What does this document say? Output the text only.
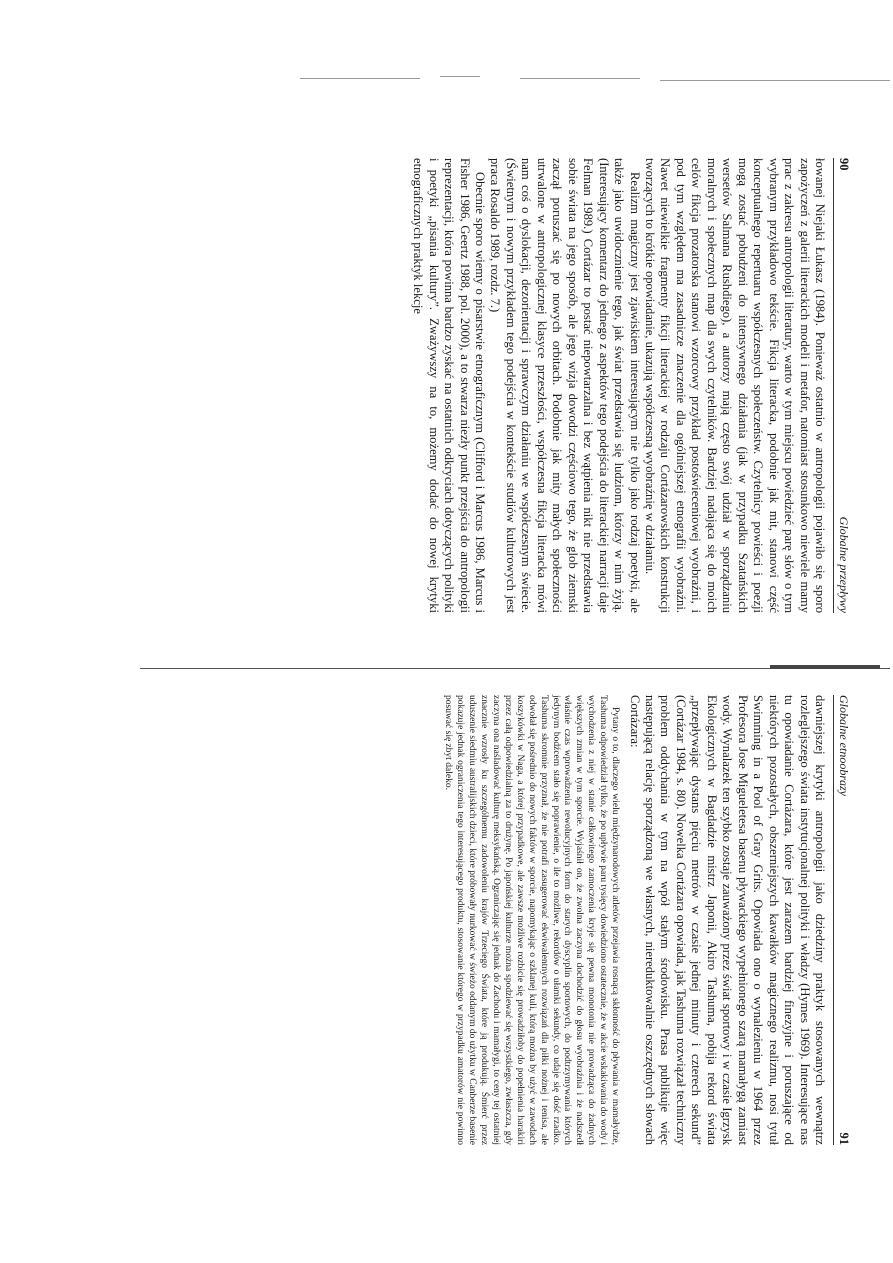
90
Globalne przepływy

łowanej Niejaki Łukasz (1984). Ponieważ ostatnio w antropologii pojawiło się sporo zapożyczeń z galerii literackich modeli i metafor, natomiast stosunkowo niewiele mamy prac z zakresu antropologii literatury, warto w tym miejscu powiedzieć parę słów o tym wybranym przykładowo tekście. Fikcja literacka, podobnie jak mit, stanowi część konceptualnego repertuaru współczesnych społeczeństw. Czytelnicy powieści i poezji mogą zostać pobudzeni do intensywnego działania (jak w przypadku Szatańskich wersetów Salmana Rushdiego), a autorzy mają często swój udział w sporządzaniu moralnych i społecznych map dla swych czytelników. Bardziej nadająca się do moich celów fikcja prozatorska stanowi wzorcowy przykład postoświeceniowej wyobraźni, i pod tym względem ma zasadnicze znaczenie dla ogólniejszej etnografii wyobraźni. Nawet niewielkie fragmenty fikcji literackiej w rodzaju Cortázarowskich konstrukcji tworzących to krótkie opowiadanie, ukazują współczesną wyobraźnię w działaniu.

Realizm magiczny jest zjawiskiem interesującym nie tylko jako rodzaj poetyki, ale także jako uwidocznienie tego, jak świat przedstawia się ludziom, którzy w nim żyją. (Interesujący komentarz do jednego z aspektów tego podejścia do literackiej narracji daje Felman 1989.) Cortázar to postać niepowtarzalna i bez wątpienia nikt nie przedstawia sobie świata na jego sposób, ale jego wizja dowodzi częściowo tego, że glob ziemski zaczął poruszać się po nowych orbitach. Podobnie jak mity małych społeczności utrwalone w antropologicznej klasyce przeszłości, współczesna fikcja literacka mówi nam coś o dyslokacji, dezorientacji i sprawczym działaniu we współczesnym świecie. (Świetnym i nowym przykładem tego podejścia w kontekście studiów kulturowych jest praca Rosaldo 1989, rozdz. 7.)

Obecnie sporo wiemy o pisarstwie etnograficznym (Clifford i Marcus 1986, Marcus i Fisher 1986, Geertz 1988, pol. 2000), a to stwarza niezły punkt przejścia do antropologii reprezentacji, która powinna bardzo zyskać na ostatnich odkryciach dotyczących polityki i poetyki „pisania kultury”. Zważywszy na to, możemy dodać do nowej krytyki etnograficznych praktyk lekcje

Globalne etnoobrazy
91

dawniejszej krytyki antropologii jako dziedziny praktyk stosowanych wewnątrz rozleglejszego świata instytucjonalnej polityki i władzy (Hymes 1969). Interesujące nas tu opowiadanie Cortázara, które jest zarazem bardziej finezyjne i poruszające od niektórych pozostałych, obszerniejszych kawałków magicznego realizmu, nosi tytuł Swimming in a Pool of Gray Grits. Opowiada ono o wynalezieniu w 1964 przez Profesora Jose Migueletesa basenu pływackiego wypełnionego szarą mamałygą zamiast wody. Wynalazek ten szybko zostaje zauważony przez świat sportowy i w czasie Igrzysk Ekologicznych w Bagdadzie mistrz Japonii, Akiro Tashuma, pobija rekord świata „przepływając dystans pięciu metrów w czasie jednej minuty i czterech sekund” (Cortázar 1984, s. 80). Nowelka Cortázara opowiada, jak Tashuma rozwiązał techniczny problem oddychania w tym na wpół stałym środowisku. Prasa publikuje więc następującą relację sporządzoną we własnych, niereduktowalnie oszczędnych słowach Cortázara:

Pytany o to, dlaczego wielu międzynarodowych atletów przejawia rosnącą skłonność do pływania w mamałydze, Tashuma odpowiedział tylko, że po upływie paru tysięcy dowiedziono ostatecznie, że w akcie wskakiwania do wody i wychodzenia z niej w stanie całkowitego zamoczenia kryje się pewna monotonia nie prowadząca do żadnych większych zmian w tym sporcie. Wyjaśnił on, że zwolna zaczyna dochodzić do głosu wyobraźnia i że nadszedł właśnie czas wprowadzenia rewolucyjnych form do starych dyscyplin sportowych, do podtrzymywania których jedynym bodźcem stało się poprawienie, o ile to możliwe, rekordów o ułamki sekundy, co udaje się dość rzadko. Tashuma skromnie przyznał, że nie potrafi zasugerować ekwiwalentnych rozwiązań dla piłki nożnej i tenisa, ale odwołał się pośrednio do nowych faktów w sporcie, napomykając o szklanej kuli, którą można by użyć w zawodach koszykówki w Naga, a której przypadkowe, ale zawsze możliwe rozbicie się prowadziłoby do popełnienia harakiri przez całą odpowiedzialną za to drużynę. Po japońskiej kulturze można spodziewać się wszystkiego, zwłaszcza, gdy zaczyna ona naśladować kulturę meksykańską. Ograniczając się jednak do Zachodu i mamałygi, to ceny tej ostatniej znacznie wzrosły ku szczególnemu zadowoleniu krajów Trzeciego Świata, które ją produkują. Śmierć przez uduszenie siedmiu australijskich dzieci, które próbowały nurkować w świeżo oddanym do użytku w Canberze basenie pokazuje jednak ograniczenia tego interesującego produktu, stosowanie którego w przypadku amatorów nie powinno posuwać się zbyt daleko.
